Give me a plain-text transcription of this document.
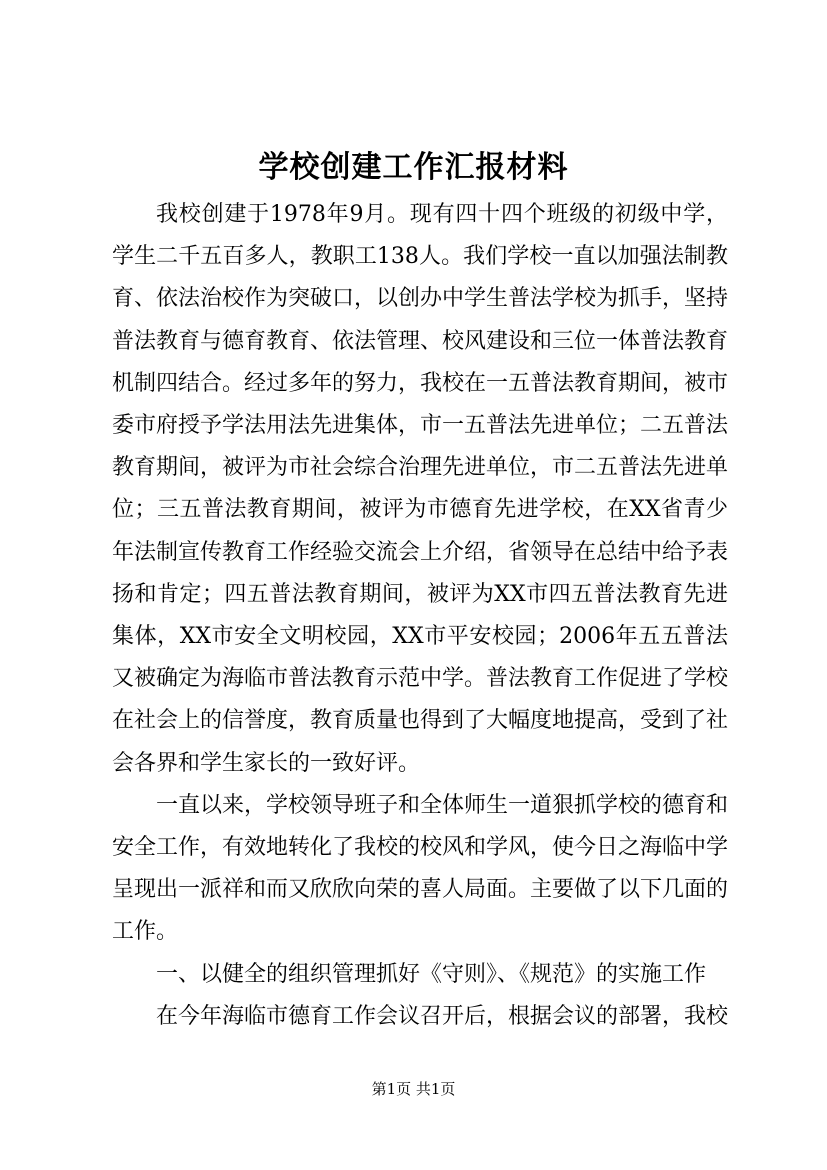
学校创建工作汇报材料

我校创建于1978年9月。现有四十四个班级的初级中学，学生二千五百多人，教职工138人。我们学校一直以加强法制教育、依法治校作为突破口，以创办中学生普法学校为抓手，坚持普法教育与德育教育、依法管理、校风建设和三位一体普法教育机制四结合。经过多年的努力，我校在一五普法教育期间，被市委市府授予学法用法先进集体，市一五普法先进单位；二五普法教育期间，被评为市社会综合治理先进单位，市二五普法先进单位；三五普法教育期间，被评为市德育先进学校，在XX省青少年法制宣传教育工作经验交流会上介绍，省领导在总结中给予表扬和肯定；四五普法教育期间，被评为XX市四五普法教育先进集体，XX市安全文明校园，XX市平安校园；2006年五五普法又被确定为海临市普法教育示范中学。普法教育工作促进了学校在社会上的信誉度，教育质量也得到了大幅度地提高，受到了社会各界和学生家长的一致好评。

一直以来，学校领导班子和全体师生一道狠抓学校的德育和安全工作，有效地转化了我校的校风和学风，使今日之海临中学呈现出一派祥和而又欣欣向荣的喜人局面。主要做了以下几面的工作。

一、以健全的组织管理抓好《守则》、《规范》的实施工作

在今年海临市德育工作会议召开后，根据会议的部署，我校

第1页 共1页
